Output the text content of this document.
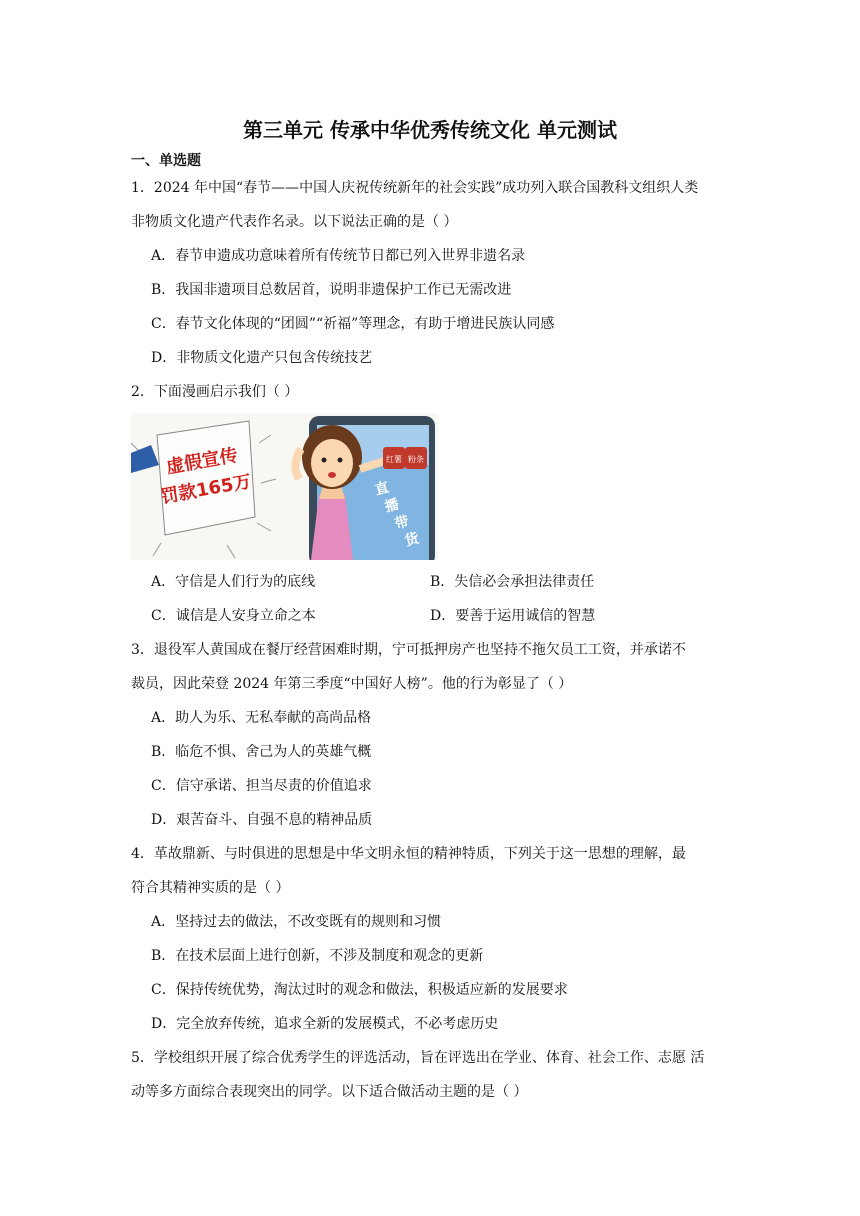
第三单元 传承中华优秀传统文化 单元测试
一、单选题
1．2024 年中国“春节——中国人庆祝传统新年的社会实践”成功列入联合国教科文组织人类
非物质文化遗产代表作名录。以下说法正确的是（ ）
A．春节申遗成功意味着所有传统节日都已列入世界非遗名录
B．我国非遗项目总数居首，说明非遗保护工作已无需改进
C．春节文化体现的“团圆”“祈福”等理念，有助于增进民族认同感
D．非物质文化遗产只包含传统技艺
2．下面漫画启示我们（ ）
红薯 粉条
直
播
带
货
虚假宣传
罚款165万
A．守信是人们行为的底线	B．失信必会承担法律责任
C．诚信是人安身立命之本	D．要善于运用诚信的智慧
3．退役军人黄国成在餐厅经营困难时期，宁可抵押房产也坚持不拖欠员工工资，并承诺不
裁员，因此荣登 2024 年第三季度“中国好人榜”。他的行为彰显了（ ）
A．助人为乐、无私奉献的高尚品格
B．临危不惧、舍己为人的英雄气概
C．信守承诺、担当尽责的价值追求
D．艰苦奋斗、自强不息的精神品质
4．革故鼎新、与时俱进的思想是中华文明永恒的精神特质，下列关于这一思想的理解，最
符合其精神实质的是（ ）
A．坚持过去的做法，不改变既有的规则和习惯
B．在技术层面上进行创新，不涉及制度和观念的更新
C．保持传统优势，淘汰过时的观念和做法，积极适应新的发展要求
D．完全放弃传统，追求全新的发展模式，不必考虑历史
5．学校组织开展了综合优秀学生的评选活动，旨在评选出在学业、体育、社会工作、志愿 活
动等多方面综合表现突出的同学。以下适合做活动主题的是（ ）
